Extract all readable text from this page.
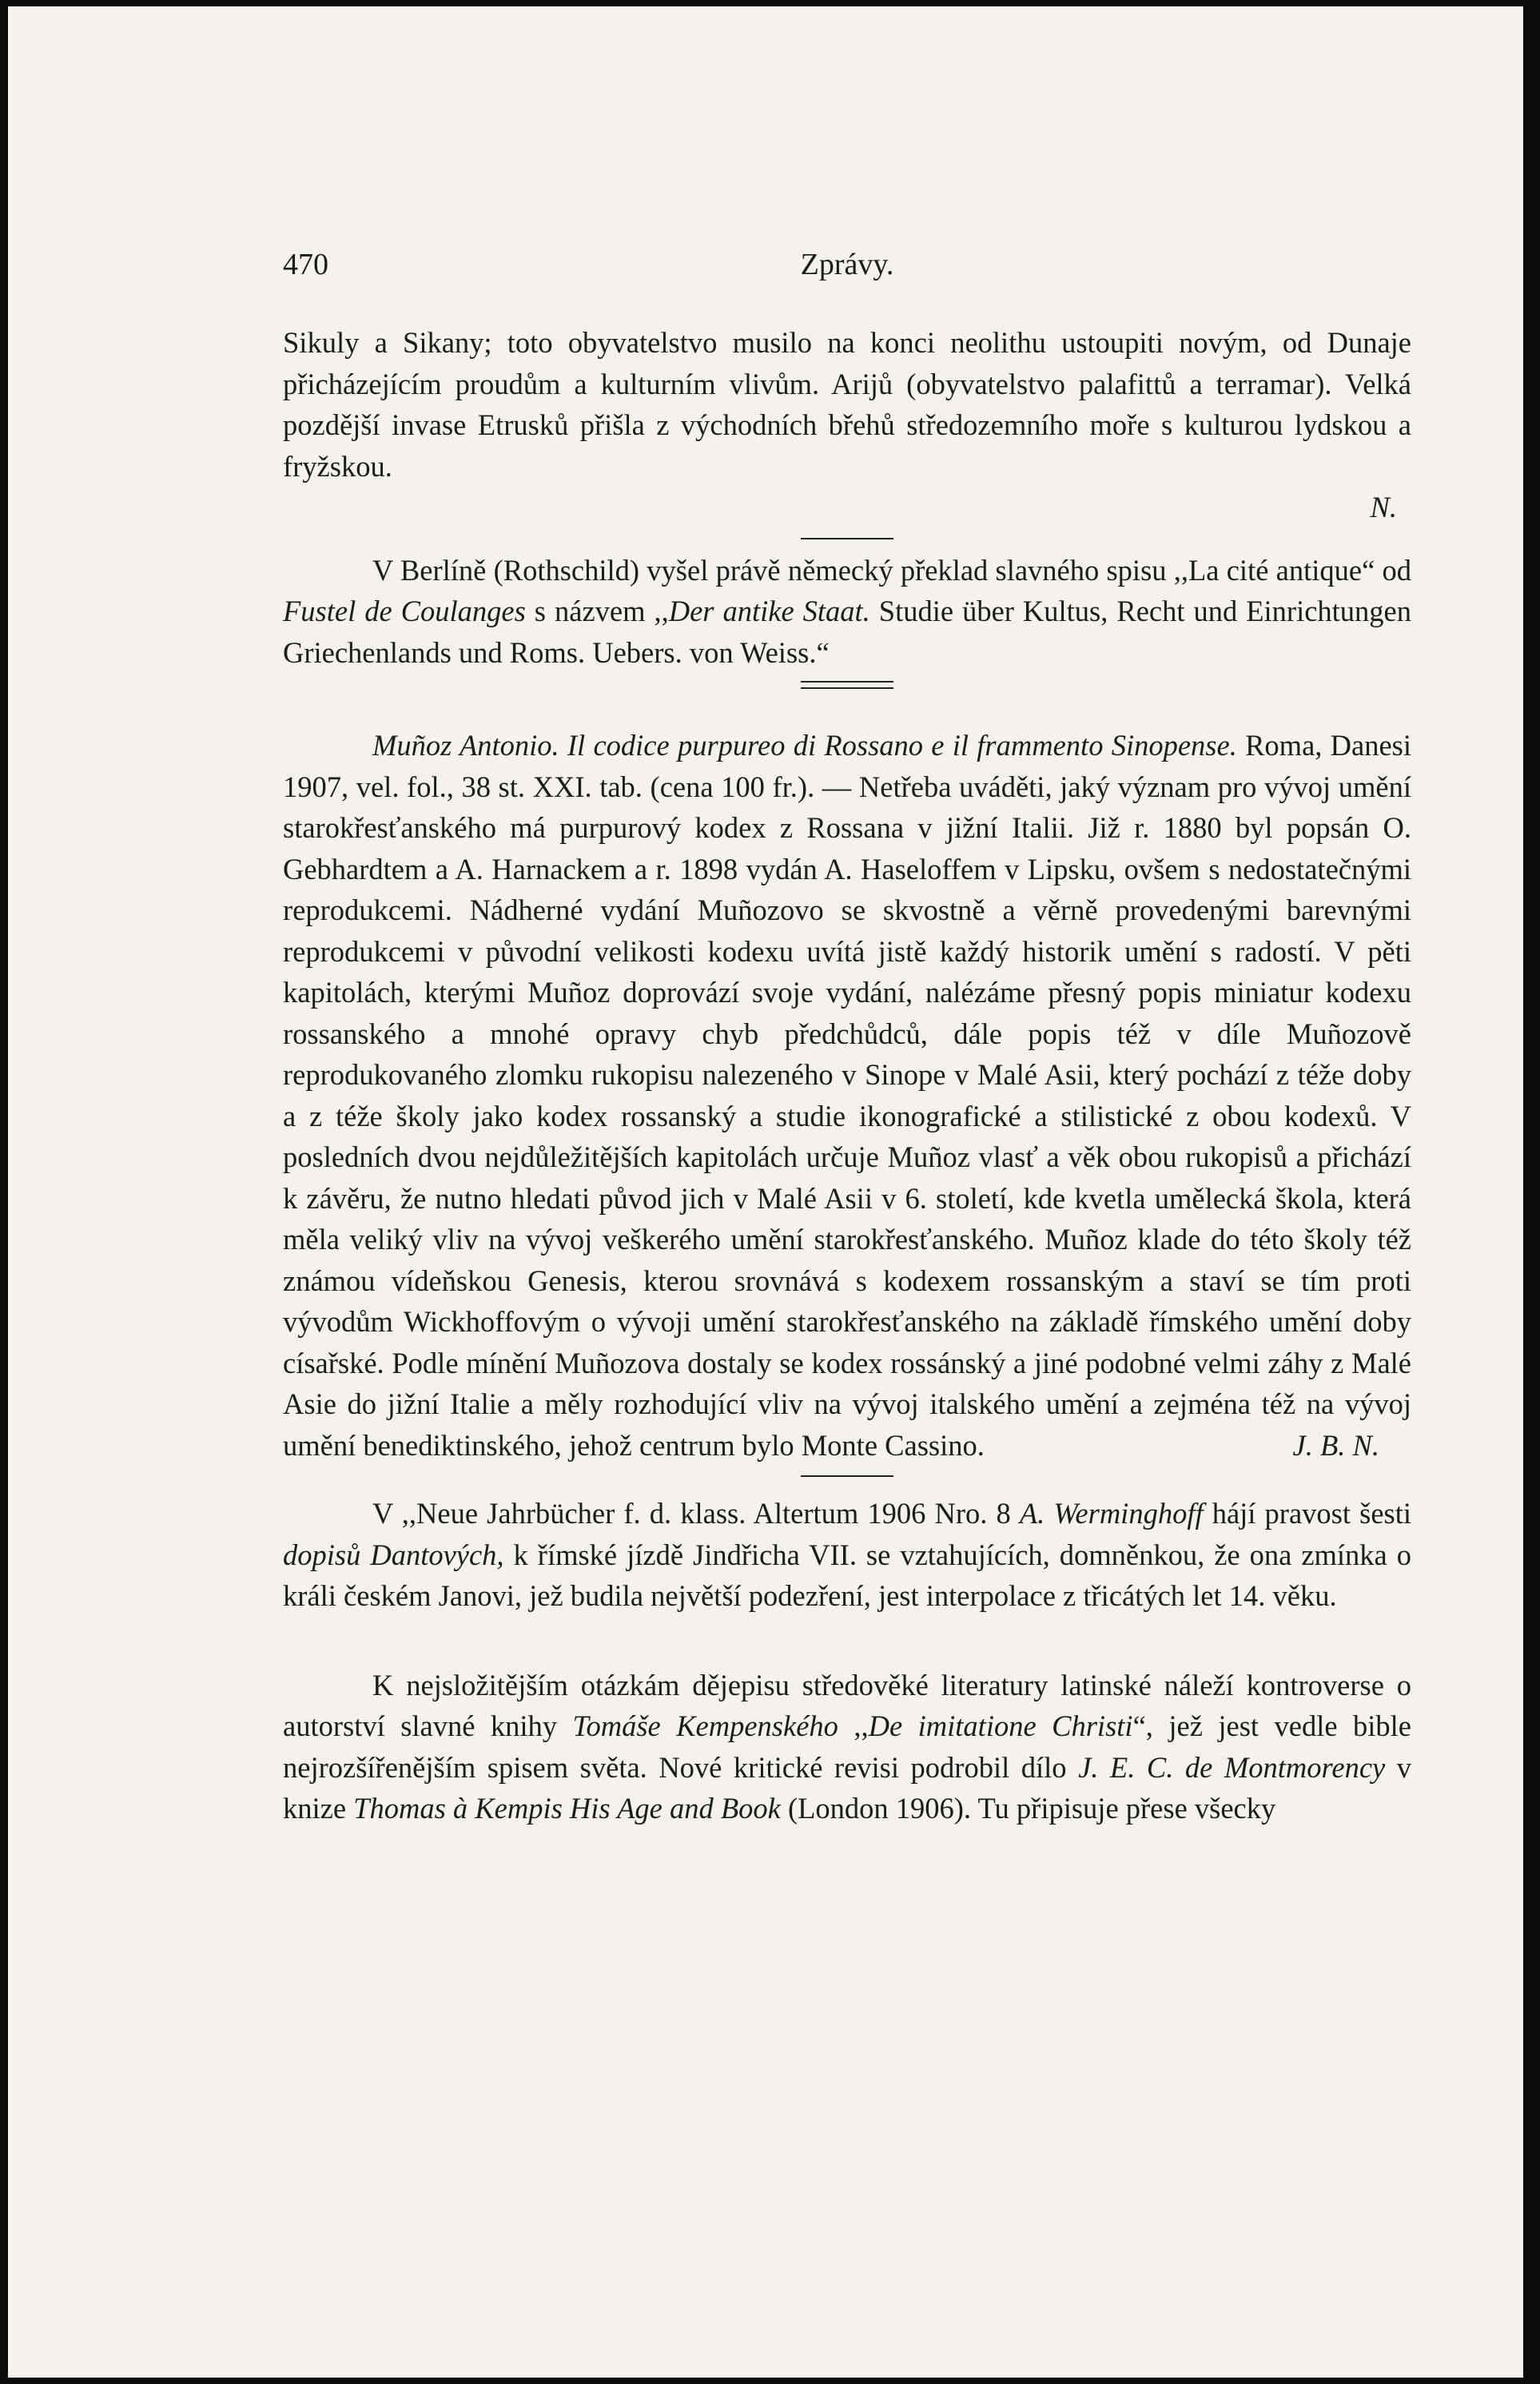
470	Zprávy.

Sikuly a Sikany; toto obyvatelstvo musilo na konci neolithu ustoupiti novým, od Dunaje přicházejícím proudům a kulturním vlivům. Arijů (obyvatelstvo palafittů a terramar). Velká pozdější invase Etrusků přišla z východních břehů středozemního moře s kulturou lydskou a fryžskou.

N.

V Berlíně (Rothschild) vyšel právě německý překlad slavného spisu ,,La cité antique“ od Fustel de Coulanges s názvem ,,Der antike Staat. Studie über Kultus, Recht und Einrichtungen Griechenlands und Roms. Uebers. von Weiss.“

Muñoz Antonio. Il codice purpureo di Rossano e il frammento Sinopense. Roma, Danesi 1907, vel. fol., 38 st. XXI. tab. (cena 100 fr.). — Netřeba uváděti, jaký význam pro vývoj umění starokřesťanského má purpurový kodex z Rossana v jižní Italii. Již r. 1880 byl popsán O. Gebhardtem a A. Harnackem a r. 1898 vydán A. Haseloffem v Lipsku, ovšem s nedostatečnými reprodukcemi. Nádherné vydání Muñozovo se skvostně a věrně provedenými barevnými reprodukcemi v původní velikosti kodexu uvítá jistě každý historik umění s radostí. V pěti kapitolách, kterými Muñoz doprovází svoje vydání, nalézáme přesný popis miniatur kodexu rossanského a mnohé opravy chyb předchůdců, dále popis též v díle Muñozově reprodukovaného zlomku rukopisu nalezeného v Sinope v Malé Asii, který pochází z téže doby a z téže školy jako kodex rossanský a studie ikonografické a stilistické z obou kodexů. V posledních dvou nejdůležitějších kapitolách určuje Muñoz vlasť a věk obou rukopisů a přichází k závěru, že nutno hledati původ jich v Malé Asii v 6. století, kde kvetla umělecká škola, která měla veliký vliv na vývoj veškerého umění starokřesťanského. Muñoz klade do této školy též známou vídeňskou Genesis, kterou srovnává s kodexem rossanským a staví se tím proti vývodům Wickhoffovým o vývoji umění starokřesťanského na základě římského umění doby císařské. Podle mínění Muñozova dostaly se kodex rossánský a jiné podobné velmi záhy z Malé Asie do jižní Italie a měly rozhodující vliv na vývoj italského umění a zejména též na vývoj umění benediktinského, jehož centrum bylo Monte Cassino.	J. B. N.

V ,,Neue Jahrbücher f. d. klass. Altertum 1906 Nro. 8 A. Werminghoff hájí pravost šesti dopisů Dantových, k římské jízdě Jindřicha VII. se vztahujících, domněnkou, že ona zmínka o králi českém Janovi, jež budila největší podezření, jest interpolace z třicátých let 14. věku.

K nejsložitějším otázkám dějepisu středověké literatury latinské náleží kontroverse o autorství slavné knihy Tomáše Kempenského ,,De imitatione Christi“, jež jest vedle bible nejrozšířenějším spisem světa. Nové kritické revisi podrobil dílo J. E. C. de Montmorency v knize Thomas à Kempis His Age and Book (London 1906). Tu připisuje přese všecky
